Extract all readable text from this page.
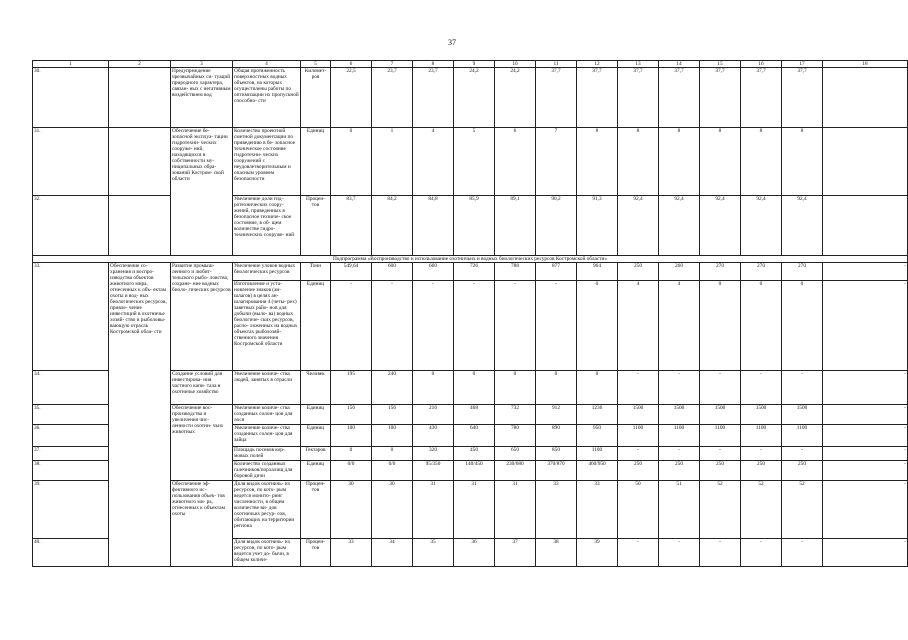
37
1	2	3	4	5	6	7	8	9	10	11	12	13	14	15	16	17	18
30.		Предупреждение чрезвычайных си- туаций природного характера, связан- ных с негативным воздействием вод	Общая протяженность поверхностных водных объектов, на которых осуществлены работы по оптимизации их пропускной способно- сти	Километ- ров	22,5	23,7	23,7	24,2	24,2	37,7	37,7	37,7	37,7	37,7	37,7	37,7	
31.		Обеспечение бе- зопасной эксплуа- тации гидротехни- ческих сооруже- ний, находящихся в собственности му- ниципальных обра- зований Костром- ской области	Количество проектной сметной документации по приведению в бе- зопасное техническое состояние гидротехни- ческих сооружений с неудовлетворительным и опасным уровнем безопасности	Единиц	0	1	4	5	6	7	8	8	8	8	8	8	
32.			Увеличение доли гид- ротехнических соору- жений, приведенных в безопасное техниче- ское состояние, в об- щем количестве гидро- технических сооруже- ний	Процен- тов	83,7	84,2	84,8	85,9	89,1	90,2	91,3	92,4	92,4	92,4	92,4	92,4	
Подпрограмма «Воспроизводство и использование охотничьих и водных биологических ресурсов Костромской области»																	
33.	Обеспечение со- хранения и воспро- изводства объектов животного мира, отнесенных к объ- ектам охоты и вод- ных биологических ресурсов, привле- чение инвестиций в охотничье хозяй- ство и рыболовы- вающую отрасль Костромской обла- сти	Развитие промыш- ленного и любит- тельского рыбо- ловства, сохране- ние водных биоло- гических ресурсов	Увеличение уловов водных биологических ресурсов	Тонн	549,64	600	660	726	788	877	964	250	260	270	270	270	-
			Изготовление и уста- новление знаков (ан- шлагов) в целях ан- шлагирования 4 (четы- рех) заветных райо- нов для добычи (выло- ва) водных биологиче- ских ресурсов, распо- ложенных на водных объектах рыбохозяй- ственного значения Костромской области	Единиц	-	-	-	-	-	-	0	4	4	0	0	0	-
34.		Создание условий для инвестирова- ния частного капи- тала в охотничье хозяйство	Увеличение количе- ства людей, занятых в отрасли	Человек	195	240	0	0	0	0	0	-	-	-	-	-	-
35.		Обеспечение вос- производства и увеличения чис- ленности охотни- чьих животных	Увеличение количе- ства созданных солон- цов для лося	Единиц	156	156	216	468	732	912	1236	1500	1500	1500	1500	1500	-
36.			Увеличение количе- ства созданных солон- цов для зайца	Единиц	100	100	430	640	780	890	950	1100	1100	1100	1100	1100	-
37.			Площадь посевов кор- мовых полей	Гектаров	0	0	320	450	650	850	1100	-	-	-	-	-	-
38.			Количество созданных галечников/порхалищ для боровой дичи	Единиц	0/0	0/0	95/350	140/450	230/680	370/870	460/950	250	250	250	250	250	-
39.		Обеспечение эф- фективного ис- пользования объек- тов животного ми- ра, отнесенных к объектам охоты	Доля видов охотничь- их ресурсов, по кото- рым ведется монито- ринг численности, в общем количестве ви- дов охотничьих ресур- сов, обитающих на территории региона	Процен- тов	30	30	31	31	31	33	33	50	51	52	52	52	-
40.			Доля видов охотничь- их ресурсов, по кото- рым ведется учет до- бычи, в общем количе-	Процен- тов	33	34	35	36	37	38	39	-	-	-	-	-	-
